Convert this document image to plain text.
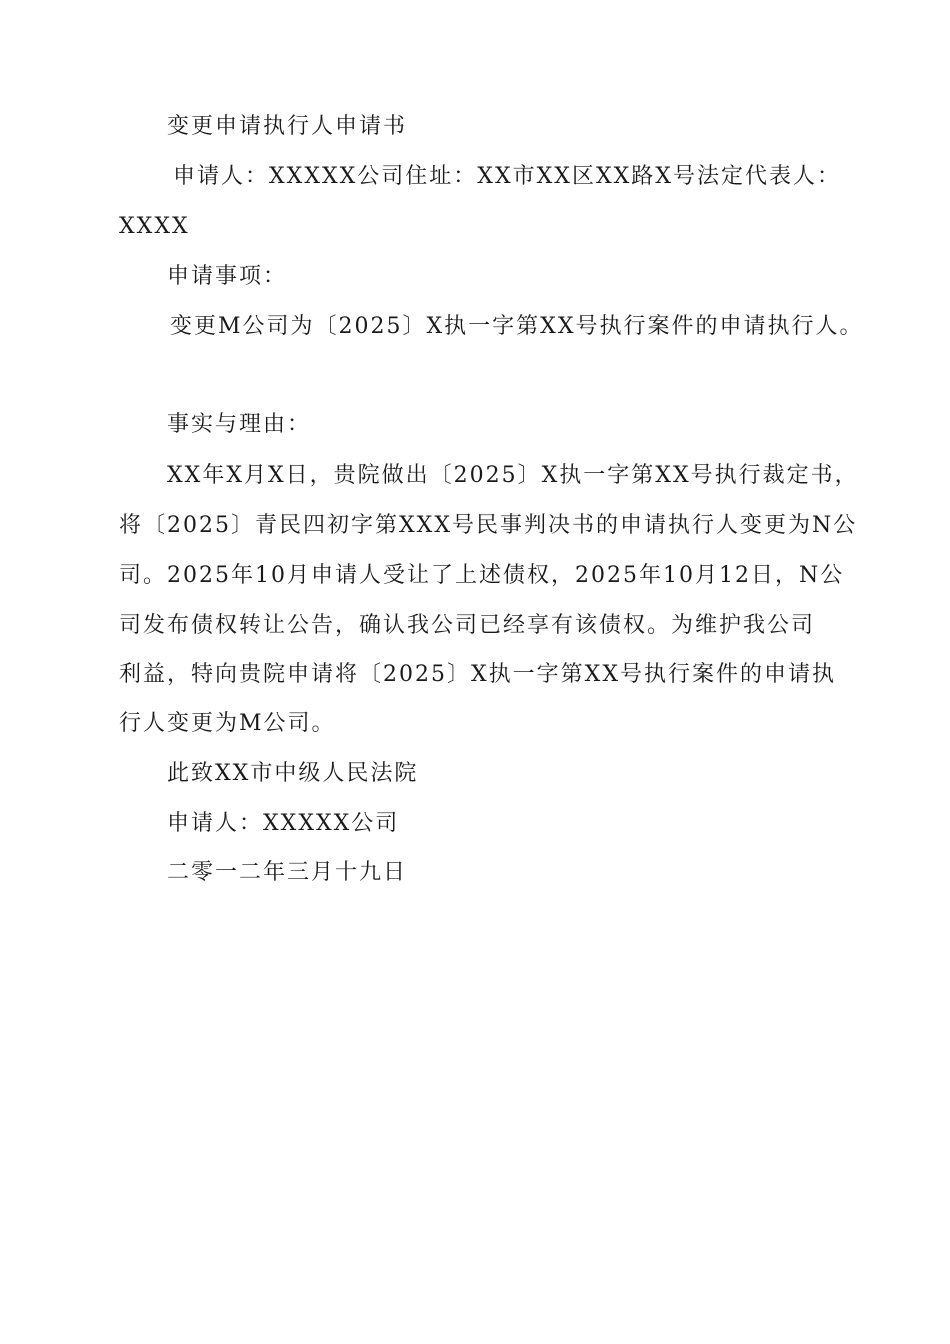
变更申请执行人申请书

申请人：XXXXX公司住址：XX市XX区XX路X号法定代表人：

XXXX

申请事项：

变更M公司为〔2025〕X执一字第XX号执行案件的申请执行人。

事实与理由：

XX年X月X日，贵院做出〔2025〕X执一字第XX号执行裁定书，

将〔2025〕青民四初字第XXX号民事判决书的申请执行人变更为N公

司。2025年10月申请人受让了上述债权，2025年10月12日，N公

司发布债权转让公告，确认我公司已经享有该债权。为维护我公司

利益，特向贵院申请将〔2025〕X执一字第XX号执行案件的申请执

行人变更为M公司。

此致XX市中级人民法院

申请人：XXXXX公司

二零一二年三月十九日
